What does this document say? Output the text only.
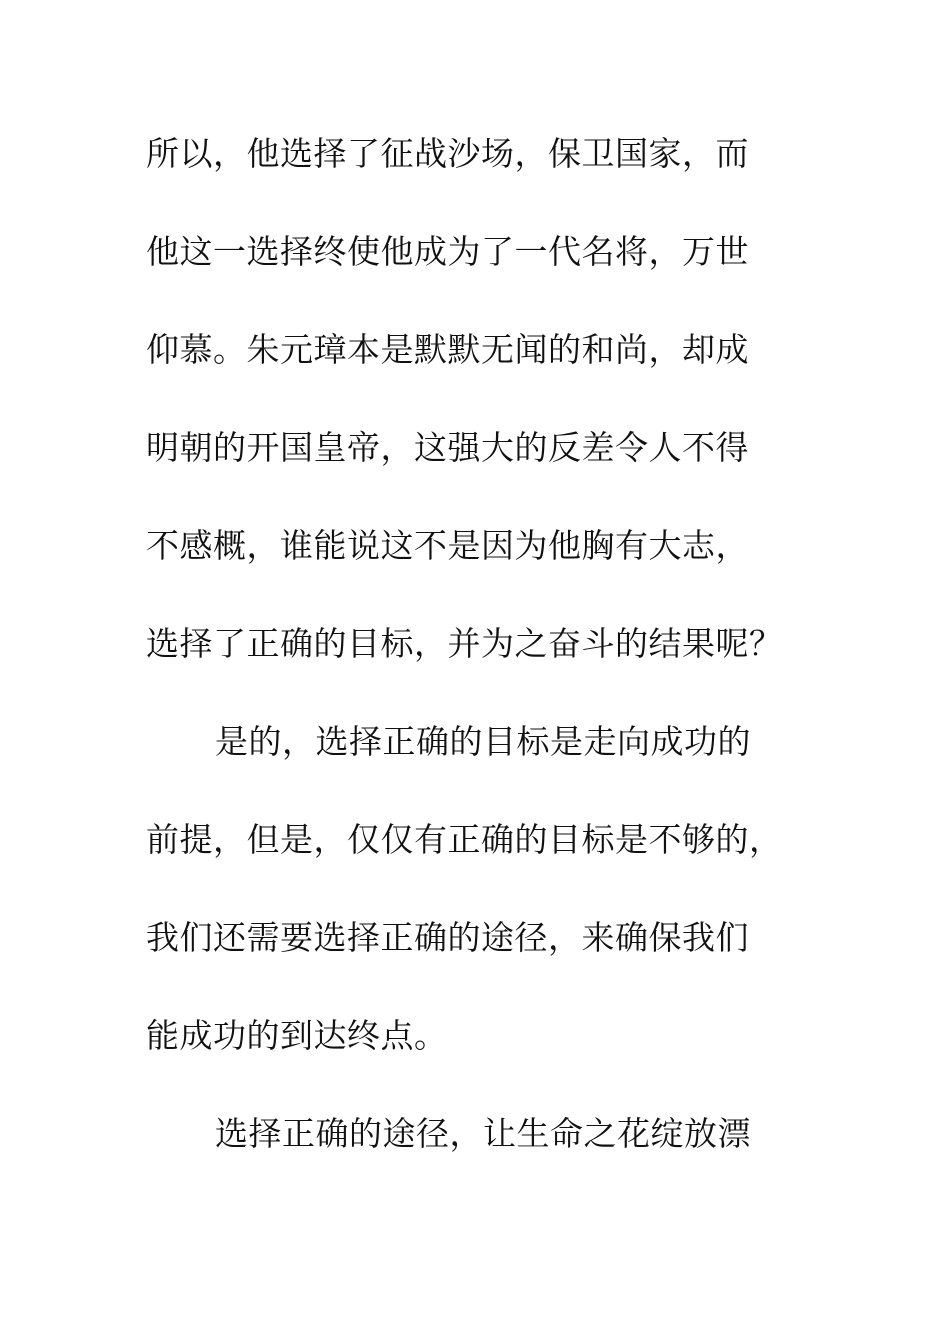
所以，他选择了征战沙场，保卫国家，而
他这一选择终使他成为了一代名将，万世
仰慕。朱元璋本是默默无闻的和尚，却成
明朝的开国皇帝，这强大的反差令人不得
不感概，谁能说这不是因为他胸有大志，
选择了正确的目标，并为之奋斗的结果呢？
是的，选择正确的目标是走向成功的
前提，但是，仅仅有正确的目标是不够的，
我们还需要选择正确的途径，来确保我们
能成功的到达终点。
选择正确的途径，让生命之花绽放漂
